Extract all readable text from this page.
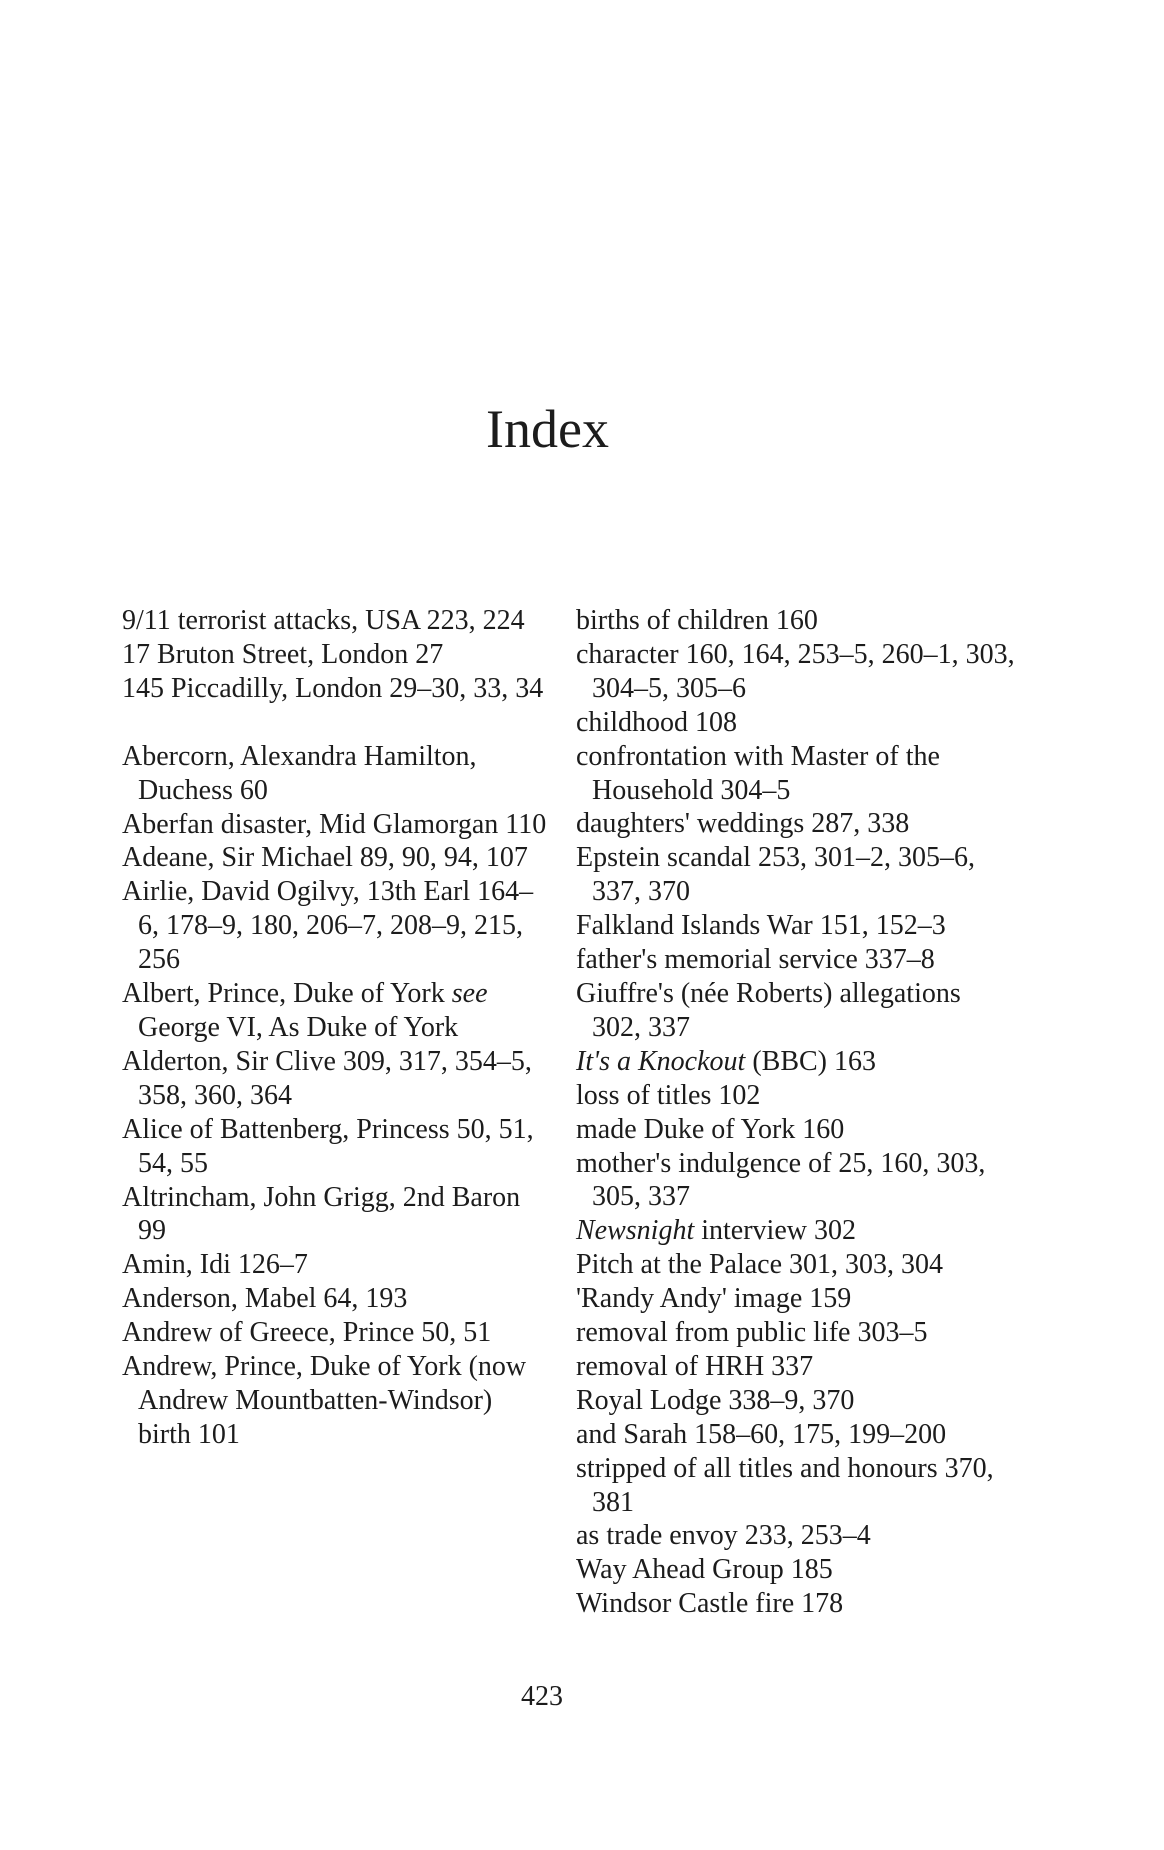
Index

9/11 terrorist attacks, USA 223, 224

17 Bruton Street, London 27

145 Piccadilly, London 29–30, 33, 34

Abercorn, Alexandra Hamilton, Duchess 60

Aberfan disaster, Mid Glamorgan 110

Adeane, Sir Michael 89, 90, 94, 107

Airlie, David Ogilvy, 13th Earl 164–6, 178–9, 180, 206–7, 208–9, 215, 256

Albert, Prince, Duke of York see George VI, As Duke of York

Alderton, Sir Clive 309, 317, 354–5, 358, 360, 364

Alice of Battenberg, Princess 50, 51, 54, 55

Altrincham, John Grigg, 2nd Baron 99

Amin, Idi 126–7

Anderson, Mabel 64, 193

Andrew of Greece, Prince 50, 51

Andrew, Prince, Duke of York (now Andrew Mountbatten-Windsor)

birth 101

births of children 160

character 160, 164, 253–5, 260–1, 303, 304–5, 305–6

childhood 108

confrontation with Master of the Household 304–5

daughters' weddings 287, 338

Epstein scandal 253, 301–2, 305–6, 337, 370

Falkland Islands War 151, 152–3

father's memorial service 337–8

Giuffre's (née Roberts) allegations 302, 337

It's a Knockout (BBC) 163

loss of titles 102

made Duke of York 160

mother's indulgence of 25, 160, 303, 305, 337

Newsnight interview 302

Pitch at the Palace 301, 303, 304

'Randy Andy' image 159

removal from public life 303–5

removal of HRH 337

Royal Lodge 338–9, 370

and Sarah 158–60, 175, 199–200

stripped of all titles and honours 370, 381

as trade envoy 233, 253–4

Way Ahead Group 185

Windsor Castle fire 178

423
